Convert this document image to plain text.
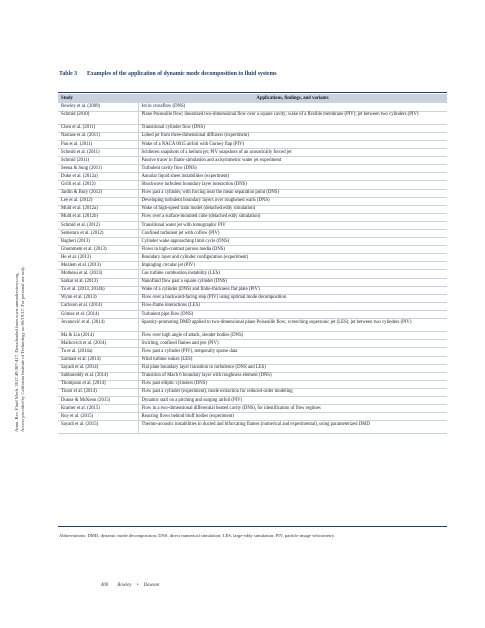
Annu. Rev. Fluid Mech. 2017.49:387-417. Downloaded from www.annualreviews.org Access provided by California Institute of Technology on 06/19/17. For personal use only.
Table 3 Examples of the application of dynamic mode decomposition to fluid systems
Study	Applications, findings, and variants
Rowley et al. (2009)	Jet in crossflow (DNS)
Schmid (2010)	Plane Poiseuille flow; linearized two-dimensional flow over a square cavity; wake of a flexible membrane (PIV); jet between two cylinders (PIV)
Chen et al. (2011)	Transitional cylinder flow (DNS)
Nastase et al. (2011)	Lobed jet from three-dimensional diffusers (experiment)
Pan et al. (2011)	Wake of a NACA 0015 airfoil with Gurney flap (PIV)
Schmid et al. (2011)	Schlieren snapshots of a helium jet; PIV snapshots of an acoustically forced jet
Schmid (2011)	Passive tracer in flame simulation and axisymmetric water jet experiment
Seena & Sung (2011)	Turbulent cavity flow (DNS)
Duke et al. (2012a)	Annular liquid sheet instabilities (experiment)
Grilli et al. (2012)	Shockwave turbulent boundary layer interaction (DNS)
Jardin & Bury (2012)	Flow past a cylinder, with forcing near the mean separation point (DNS)
Lee et al. (2012)	Developing turbulent boundary layers over roughened walls (DNS)
Muld et al. (2012a)	Wake of high-speed train model (detached eddy simulation)
Muld et al. (2012b)	Flow over a surface-mounted cube (detached eddy simulation)
Schmid et al. (2012)	Transitional water jet with tomographic PIV
Semeraro et al. (2012)	Confined turbulent jet with coflow (PIV)
Bagheri (2013)	Cylinder wake approaching limit cycle (DNS)
Ghommem et al. (2013)	Flows in high-contrast porous media (DNS)
He et al. (2013)	Boundary layer and cylinder configuration (experiment)
Mezlem et al. (2013)	Impinging circular jet (PIV)
Motheau et al. (2013)	Gas turbine combustion instability (LES)
Sarkar et al. (2013)	Nanofluid flow past a square cylinder (DNS)
Tu et al. (2013, 2014b)	Wake of a cylinder (DNS) and finite-thickness flat plate (PIV)
Wynn et al. (2013)	Flow over a backward-facing step (PIV) using optimal mode decomposition
Carlsson et al. (2014)	Flow-flame interactions (LES)
Gómez et al. (2014)	Turbulent pipe flow (DNS)
Jovanović et al. (2014)	Sparsity-promoting DMD applied to two-dimensional plane Poiseuille flow; screeching supersonic jet (LES); jet between two cylinders (PIV)
Ma & Liu (2014)	Flow over high angle of attack, slender bodies (DNS)
Markovich et al. (2014)	Swirling, confined flames and jets (PIV)
Tu et al. (2014a)	Flow past a cylinder (PIV), temporally sparse data
Sarmast et al. (2014)	Wind turbine wakes (LES)
Sayadi et al. (2014)	Flat plate boundary layer transition to turbulence (DNS and LES)
Subbareddy et al. (2014)	Transition of Mach 6 boundary layer with roughness element (DNS)
Thompson et al. (2014)	Flow past elliptic cylinders (DNS)
Tissot et al. (2014)	Flow past a cylinder (experiment), mode extraction for reduced-order modeling
Dunne & McKeon (2015)	Dynamic stall on a pitching and surging airfoil (PIV)
Kramer et al. (2015)	Flow in a two-dimensional differential heated cavity (DNS), for identification of flow regimes
Roy et al. (2015)	Reacting flows behind bluff bodies (experiment)
Sayadi et al. (2015)	Thermo-acoustic instabilities in ducted and bifurcating flames (numerical and experimental), using parameterized DMD
Abbreviations: DMD, dynamic mode decomposition; DNS, direct numerical simulation; LES, large-eddy simulation; PIV, particle image velocimetry.
400 Rowley • Dawson
